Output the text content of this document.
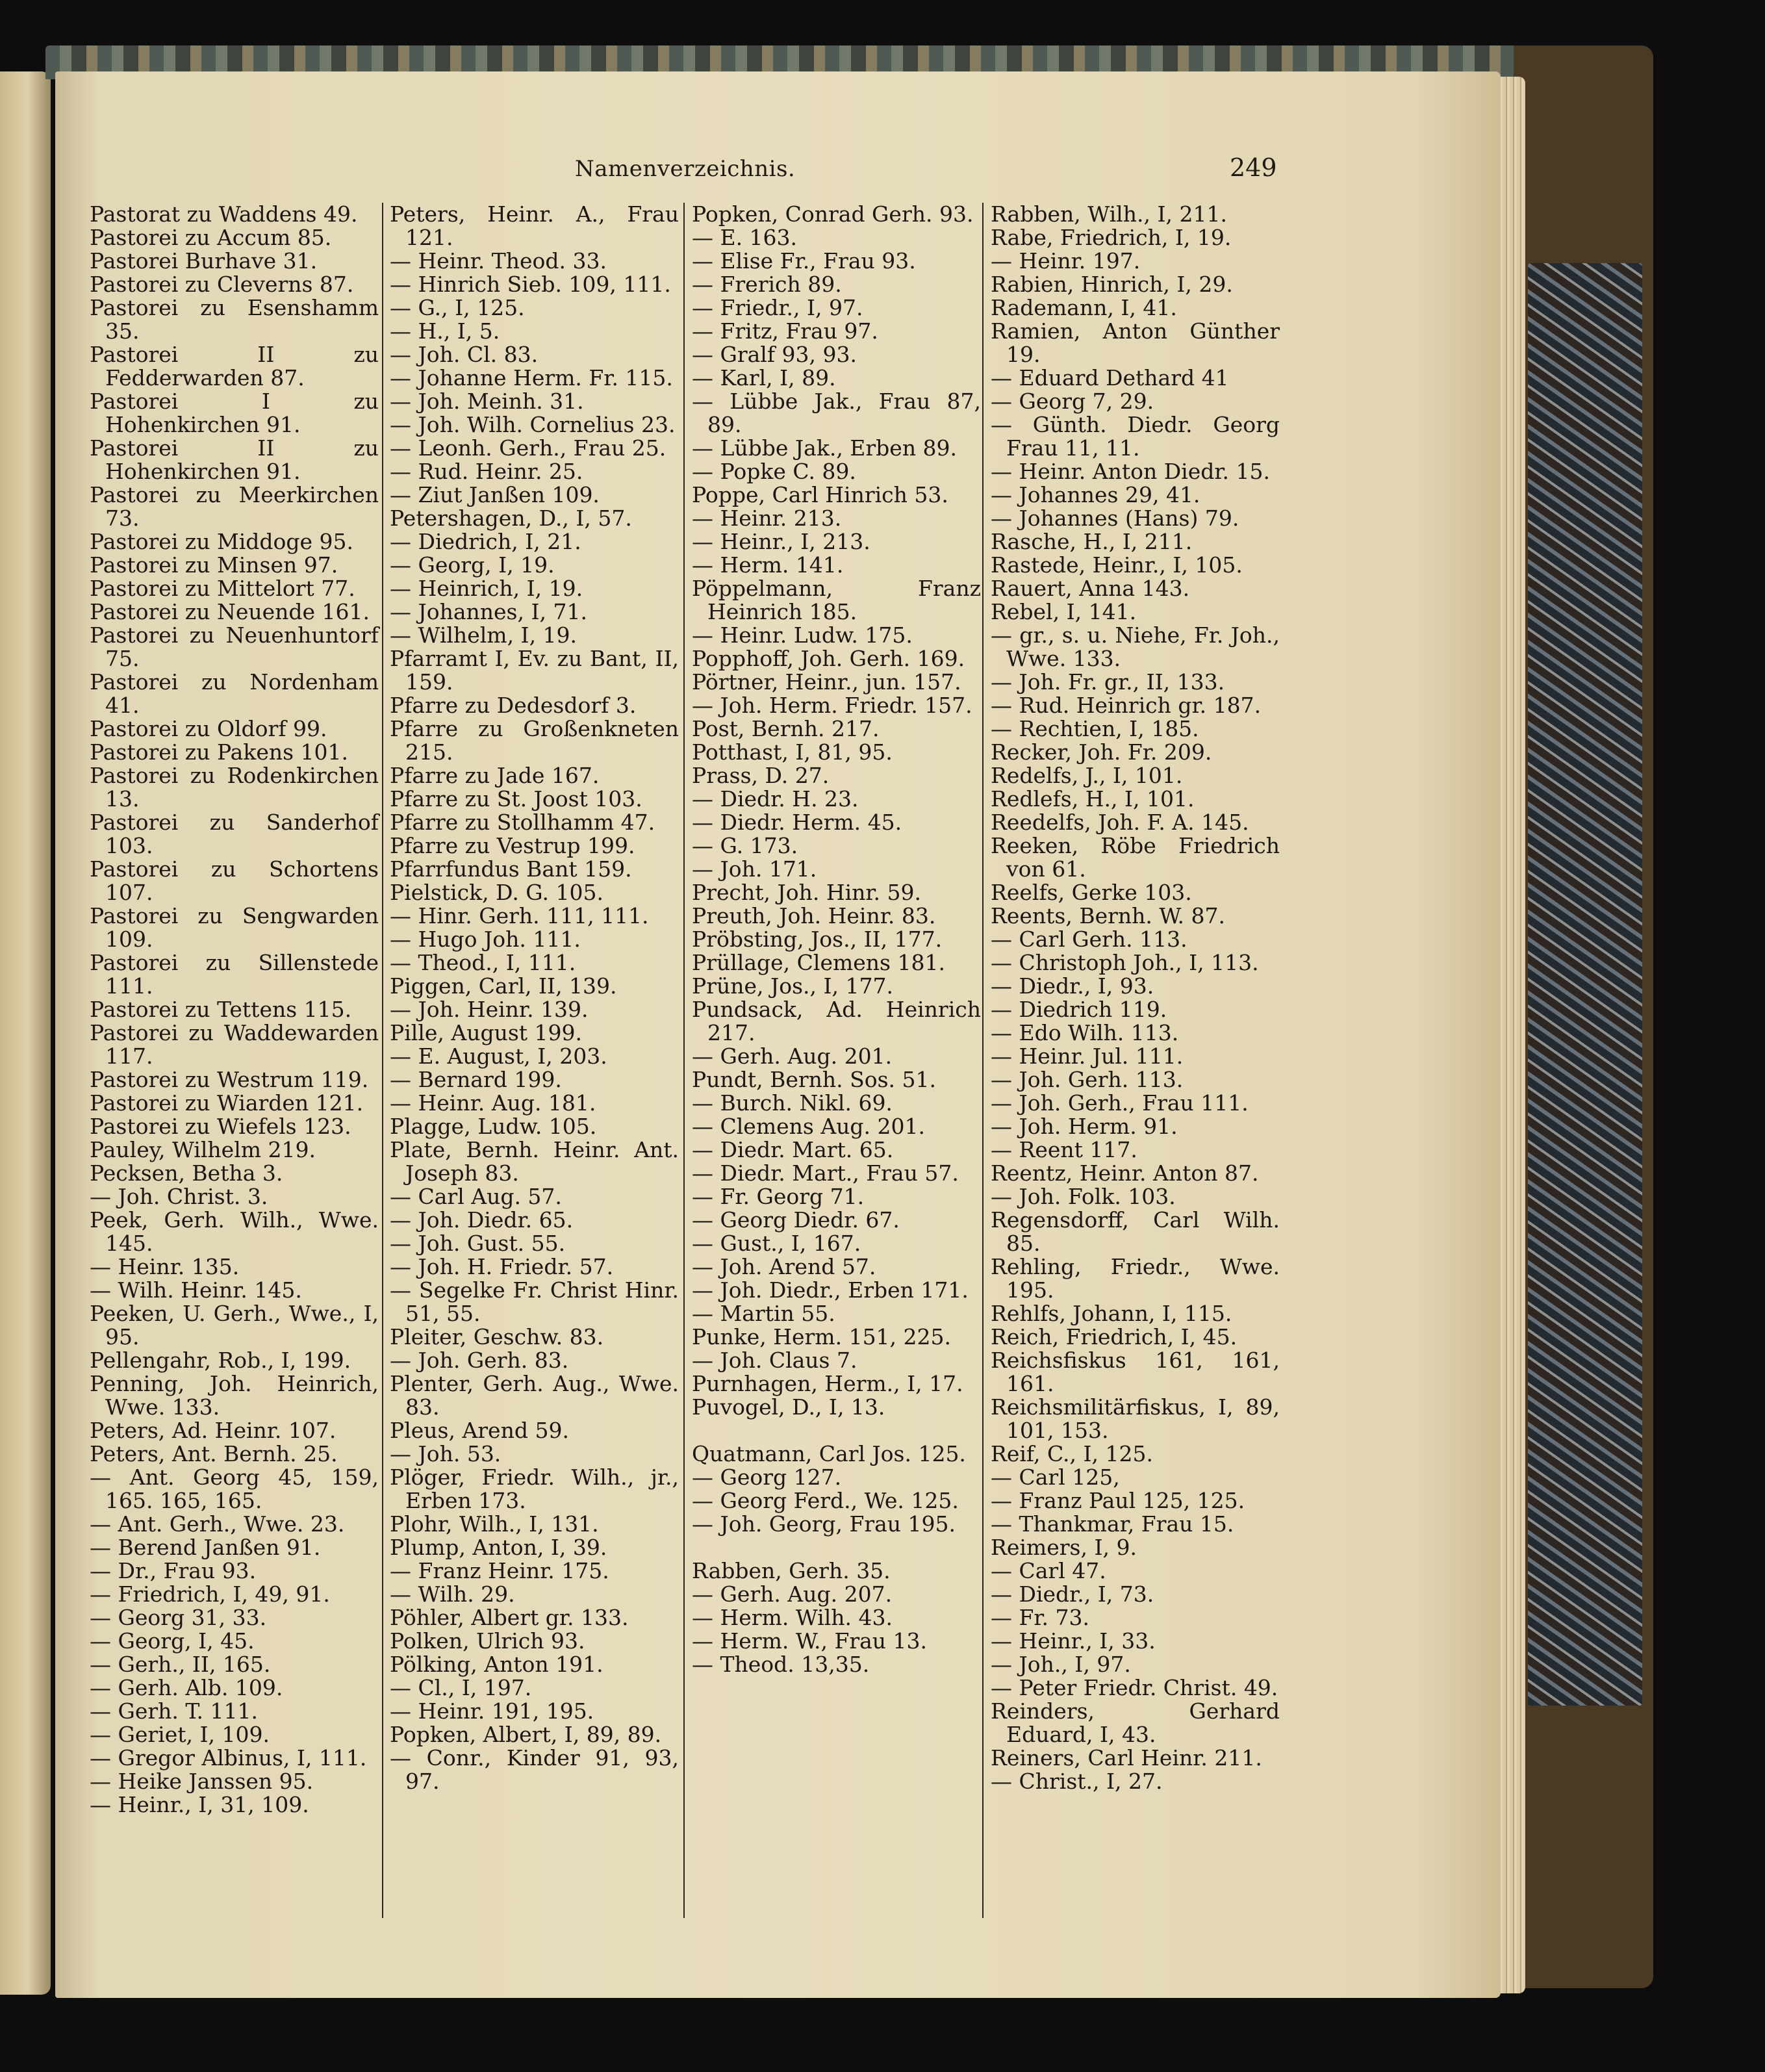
Namenverzeichnis.	249

Pastorat zu Waddens 49.

Pastorei zu Accum 85.

Pastorei Burhave 31.

Pastorei zu Cleverns 87.

Pastorei zu Esenshamm 35.

Pastorei II zu Fedderwarden 87.

Pastorei I zu Hohenkirchen 91.

Pastorei II zu Hohenkirchen 91.

Pastorei zu Meerkirchen 73.

Pastorei zu Middoge 95.

Pastorei zu Minsen 97.

Pastorei zu Mittelort 77.

Pastorei zu Neuende 161.

Pastorei zu Neuenhuntorf 75.

Pastorei zu Nordenham 41.

Pastorei zu Oldorf 99.

Pastorei zu Pakens 101.

Pastorei zu Rodenkirchen 13.

Pastorei zu Sanderhof 103.

Pastorei zu Schortens 107.

Pastorei zu Sengwarden 109.

Pastorei zu Sillenstede 111.

Pastorei zu Tettens 115.

Pastorei zu Waddewarden 117.

Pastorei zu Westrum 119.

Pastorei zu Wiarden 121.

Pastorei zu Wiefels 123.

Pauley, Wilhelm 219.

Pecksen, Betha 3.

— Joh. Christ. 3.

Peek, Gerh. Wilh., Wwe. 145.

— Heinr. 135.

— Wilh. Heinr. 145.

Peeken, U. Gerh., Wwe., I, 95.

Pellengahr, Rob., I, 199.

Penning, Joh. Heinrich, Wwe. 133.

Peters, Ad. Heinr. 107.

Peters, Ant. Bernh. 25.

— Ant. Georg 45, 159, 165. 165, 165.

— Ant. Gerh., Wwe. 23.

— Berend Janßen 91.

— Dr., Frau 93.

— Friedrich, I, 49, 91.

— Georg 31, 33.

— Georg, I, 45.

— Gerh., II, 165.

— Gerh. Alb. 109.

— Gerh. T. 111.

— Geriet, I, 109.

— Gregor Albinus, I, 111.

— Heike Janssen 95.

— Heinr., I, 31, 109.

Peters, Heinr. A., Frau 121.

— Heinr. Theod. 33.

— Hinrich Sieb. 109, 111.

— G., I, 125.

— H., I, 5.

— Joh. Cl. 83.

— Johanne Herm. Fr. 115.

— Joh. Meinh. 31.

— Joh. Wilh. Cornelius 23.

— Leonh. Gerh., Frau 25.

— Rud. Heinr. 25.

— Ziut Janßen 109.

Petershagen, D., I, 57.

— Diedrich, I, 21.

— Georg, I, 19.

— Heinrich, I, 19.

— Johannes, I, 71.

— Wilhelm, I, 19.

Pfarramt I, Ev. zu Bant, II, 159.

Pfarre zu Dedesdorf 3.

Pfarre zu Großenkneten 215.

Pfarre zu Jade 167.

Pfarre zu St. Joost 103.

Pfarre zu Stollhamm 47.

Pfarre zu Vestrup 199.

Pfarrfundus Bant 159.

Pielstick, D. G. 105.

— Hinr. Gerh. 111, 111.

— Hugo Joh. 111.

— Theod., I, 111.

Piggen, Carl, II, 139.

— Joh. Heinr. 139.

Pille, August 199.

— E. August, I, 203.

— Bernard 199.

— Heinr. Aug. 181.

Plagge, Ludw. 105.

Plate, Bernh. Heinr. Ant. Joseph 83.

— Carl Aug. 57.

— Joh. Diedr. 65.

— Joh. Gust. 55.

— Joh. H. Friedr. 57.

— Segelke Fr. Christ Hinr. 51, 55.

Pleiter, Geschw. 83.

— Joh. Gerh. 83.

Plenter, Gerh. Aug., Wwe. 83.

Pleus, Arend 59.

— Joh. 53.

Plöger, Friedr. Wilh., jr., Erben 173.

Plohr, Wilh., I, 131.

Plump, Anton, I, 39.

— Franz Heinr. 175.

— Wilh. 29.

Pöhler, Albert gr. 133.

Polken, Ulrich 93.

Pölking, Anton 191.

— Cl., I, 197.

— Heinr. 191, 195.

Popken, Albert, I, 89, 89.

— Conr., Kinder 91, 93, 97.

Popken, Conrad Gerh. 93.

— E. 163.

— Elise Fr., Frau 93.

— Frerich 89.

— Friedr., I, 97.

— Fritz, Frau 97.

— Gralf 93, 93.

— Karl, I, 89.

— Lübbe Jak., Frau 87, 89.

— Lübbe Jak., Erben 89.

— Popke C. 89.

Poppe, Carl Hinrich 53.

— Heinr. 213.

— Heinr., I, 213.

— Herm. 141.

Pöppelmann, Franz Heinrich 185.

— Heinr. Ludw. 175.

Popphoff, Joh. Gerh. 169.

Pörtner, Heinr., jun. 157.

— Joh. Herm. Friedr. 157.

Post, Bernh. 217.

Potthast, I, 81, 95.

Prass, D. 27.

— Diedr. H. 23.

— Diedr. Herm. 45.

— G. 173.

— Joh. 171.

Precht, Joh. Hinr. 59.

Preuth, Joh. Heinr. 83.

Pröbsting, Jos., II, 177.

Prüllage, Clemens 181.

Prüne, Jos., I, 177.

Pundsack, Ad. Heinrich 217.

— Gerh. Aug. 201.

Pundt, Bernh. Sos. 51.

— Burch. Nikl. 69.

— Clemens Aug. 201.

— Diedr. Mart. 65.

— Diedr. Mart., Frau 57.

— Fr. Georg 71.

— Georg Diedr. 67.

— Gust., I, 167.

— Joh. Arend 57.

— Joh. Diedr., Erben 171.

— Martin 55.

Punke, Herm. 151, 225.

— Joh. Claus 7.

Purnhagen, Herm., I, 17.

Puvogel, D., I, 13.

Quatmann, Carl Jos. 125.

— Georg 127.

— Georg Ferd., We. 125.

— Joh. Georg, Frau 195.

Rabben, Gerh. 35.

— Gerh. Aug. 207.

— Herm. Wilh. 43.

— Herm. W., Frau 13.

— Theod. 13,35.

Rabben, Wilh., I, 211.

Rabe, Friedrich, I, 19.

— Heinr. 197.

Rabien, Hinrich, I, 29.

Rademann, I, 41.

Ramien, Anton Günther 19.

— Eduard Dethard 41

— Georg 7, 29.

— Günth. Diedr. Georg Frau 11, 11.

— Heinr. Anton Diedr. 15.

— Johannes 29, 41.

— Johannes (Hans) 79.

Rasche, H., I, 211.

Rastede, Heinr., I, 105.

Rauert, Anna 143.

Rebel, I, 141.

— gr., s. u. Niehe, Fr. Joh., Wwe. 133.

— Joh. Fr. gr., II, 133.

— Rud. Heinrich gr. 187.

— Rechtien, I, 185.

Recker, Joh. Fr. 209.

Redelfs, J., I, 101.

Redlefs, H., I, 101.

Reedelfs, Joh. F. A. 145.

Reeken, Röbe Friedrich von 61.

Reelfs, Gerke 103.

Reents, Bernh. W. 87.

— Carl Gerh. 113.

— Christoph Joh., I, 113.

— Diedr., I, 93.

— Diedrich 119.

— Edo Wilh. 113.

— Heinr. Jul. 111.

— Joh. Gerh. 113.

— Joh. Gerh., Frau 111.

— Joh. Herm. 91.

— Reent 117.

Reentz, Heinr. Anton 87.

— Joh. Folk. 103.

Regensdorff, Carl Wilh. 85.

Rehling, Friedr., Wwe. 195.

Rehlfs, Johann, I, 115.

Reich, Friedrich, I, 45.

Reichsfiskus 161, 161, 161.

Reichsmilitärfiskus, I, 89, 101, 153.

Reif, C., I, 125.

— Carl 125,

— Franz Paul 125, 125.

— Thankmar, Frau 15.

Reimers, I, 9.

— Carl 47.

— Diedr., I, 73.

— Fr. 73.

— Heinr., I, 33.

— Joh., I, 97.

— Peter Friedr. Christ. 49.

Reinders, Gerhard Eduard, I, 43.

Reiners, Carl Heinr. 211.

— Christ., I, 27.
